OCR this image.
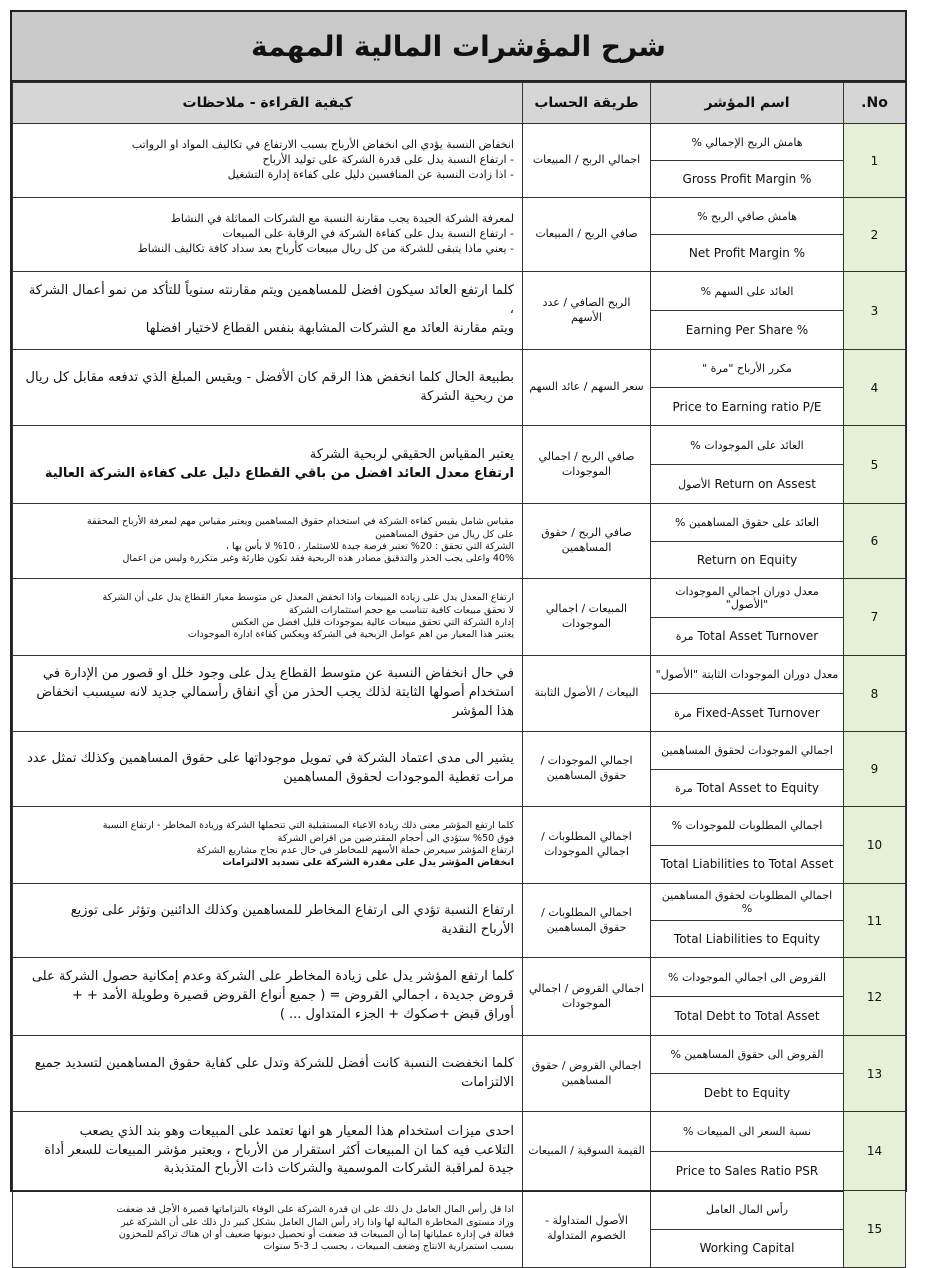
شرح المؤشرات المالية المهمة
كيفية القراءة - ملاحظات	طريقة الحساب	اسم المؤشر	No.

انخفاض النسبة يؤدي الى انخفاض الأرباح بسبب الارتفاع في تكاليف المواد او الرواتب
- ارتفاع النسبة يدل على قدرة الشركة على توليد الأرباح
- اذا زادت النسبة عن المنافسين دليل على كفاءة إدارة التشغيل	اجمالي الربح / المبيعات	هامش الربح الإجمالي %	1
		Gross Profit Margin %	

لمعرفة الشركة الجيدة يجب مقارنة النسبة مع الشركات المماثلة في النشاط
- ارتفاع النسبة يدل على كفاءة الشركة في الرقابة على المبيعات
- يعني ماذا يتبقى للشركة من كل ريال مبيعات كأرباح بعد سداد كافة تكاليف النشاط	صافي الربح / المبيعات	هامش صافي الربح %	2
		Net Profit Margin %	

كلما ارتفع العائد سيكون افضل للمساهمين ويتم مقارنته سنوياً للتأكد من نمو أعمال الشركة ،
ويتم مقارنة العائد مع الشركات المشابهة بنفس القطاع لاختيار افضلها	الربح الصافي / عدد الأسهم	العائد على السهم %	3
		Earning Per Share %	

بطبيعة الحال كلما انخفض هذا الرقم كان الأفضل - ويقيس المبلغ الذي تدفعه مقابل كل ريال
من ربحية الشركة	سعر السهم / عائد السهم	مكرر الأرباح "مرة "	4
		Price to Earning ratio P/E	

يعتبر المقياس الحقيقي لربحية الشركة
ارتفاع معدل العائد افضل من باقي القطاع دليل على كفاءة الشركة العالية	صافي الربح / اجمالي الموجودات	العائد على الموجودات %	5
		الأصول Return on Assest	

مقياس شامل يقيس كفاءة الشركة في استخدام حقوق المساهمين ويعتبر مقياس مهم لمعرفة الأرباح المحققة
على كل ريال من حقوق المساهمين
الشركة التي تحقق : 20% تعتبر فرصة جيدة للاستثمار ، 10% لا بأس بها ،
40% واعلى يجب الحذر والتدقيق مصادر هذه الربحية فقد تكون طارئة وغير متكررة وليس من اعمال	صافي الربح / حقوق المساهمين	العائد على حقوق المساهمين %	6
		Return on Equity	

ارتفاع المعدل يدل على زيادة المبيعات واذا انخفض المعدل عن متوسط معيار القطاع يدل على أن الشركة
لا تحقق مبيعات كافية تتناسب مع حجم استثمارات الشركة
إدارة الشركة التي تحقق مبيعات عالية بموجودات قليل افضل من العكس
يعتبر هذا المعيار من اهم عوامل الربحية في الشركة ويعكس كفاءة ادارة الموجودات	المبيعات / اجمالي الموجودات	معدل دوران اجمالي الموجودات "الأصول"	7
		مرة Total Asset Turnover	

في حال انخفاض النسبة عن متوسط القطاع يدل على وجود خلل او قصور من الإدارة في
استخدام أصولها الثابتة لذلك يجب الحذر من أي انفاق رأسمالي جديد لانه سيسبب انخفاض
هذا المؤشر	البيعات / الأصول الثابتة	معدل دوران الموجودات الثابتة "الأصول"	8
		مرة Fixed-Asset Turnover	

يشير الى مدى اعتماد الشركة في تمويل موجوداتها على حقوق المساهمين وكذلك تمثل عدد
مرات تغطية الموجودات لحقوق المساهمين	اجمالي الموجودات / حقوق المساهمين	اجمالي الموجودات لحقوق المساهمين	9
		مرة Total Asset to Equity	

كلما ارتفع المؤشر معنى ذلك زيادة الاعباء المستقبلية التي تتحملها الشركة وزيادة المخاطر - ارتفاع النسبة
فوق 50% ستؤدي الى أحجام المقترضين من اقراض الشركة
ارتفاع المؤشر سيعرض حملة الأسهم للمخاطر في حال عدم نجاح مشاريع الشركة
انخفاض المؤشر يدل على مقدرة الشركة على تسديد الالتزامات	اجمالي المطلوبات / اجمالي الموجودات	اجمالي المطلوبات للموجودات %	10
		Total Liabilities to Total Asset	

ارتفاع النسبة تؤدي الى ارتفاع المخاطر للمساهمين وكذلك الدائنين وتؤثر على توزيع
الأرباح النقدية	اجمالي المطلوبات / حقوق المساهمين	اجمالي المطلوبات لحقوق المساهمين %	11
		Total Liabilities to Equity	

كلما ارتفع المؤشر يدل على زيادة المخاطر على الشركة وعدم إمكانية حصول الشركة على
قروض جديدة ، اجمالي القروض = ( جميع أنواع القروض قصيرة وطويلة الأمد + +
أوراق قبض +صكوك + الجزء المتداول ... )	اجمالي القروض / اجمالي الموجودات	القروض الى اجمالي الموجودات %	12
		Total Debt to Total Asset	

كلما انخفضت النسبة كانت أفضل للشركة وتدل على كفاية حقوق المساهمين لتسديد جميع
الالتزامات	اجمالي القروض / حقوق المساهمين	القروض الى حقوق المساهمين %	13
		Debt to Equity	

احدى ميزات استخدام هذا المعيار هو انها تعتمد على المبيعات وهو بند الذي يصعب
التلاعب فيه كما ان المبيعات أكثر استقرار من الأرباح ، ويعتبر مؤشر المبيعات للسعر أداة
جيدة لمراقبة الشركات الموسمية والشركات ذات الأرباح المتذبذبة	القيمة السوقية / المبيعات	نسبة السعر الى المبيعات %	14
		Price to Sales Ratio PSR	

اذا قل رأس المال العامل دل ذلك على ان قدرة الشركة على الوفاء بالتزاماتها قصيرة الأجل قد ضعفت
وزاد مستوى المخاطرة المالية لها واذا زاد رأس المال العامل بشكل كبير دل ذلك على أن الشركة غير
فعالة في إدارة عملياتها إما أن المبيعات قد ضعفت أو تحصيل ديونها ضعيف أو ان هناك تراكم للمخزون
بسبب استمرارية الانتاج وضعف المبيعات ، يحسب لـ 3-5 سنوات	الأصول المتداولة - الخصوم المتداولة	رأس المال العامل	15
		Working Capital	
